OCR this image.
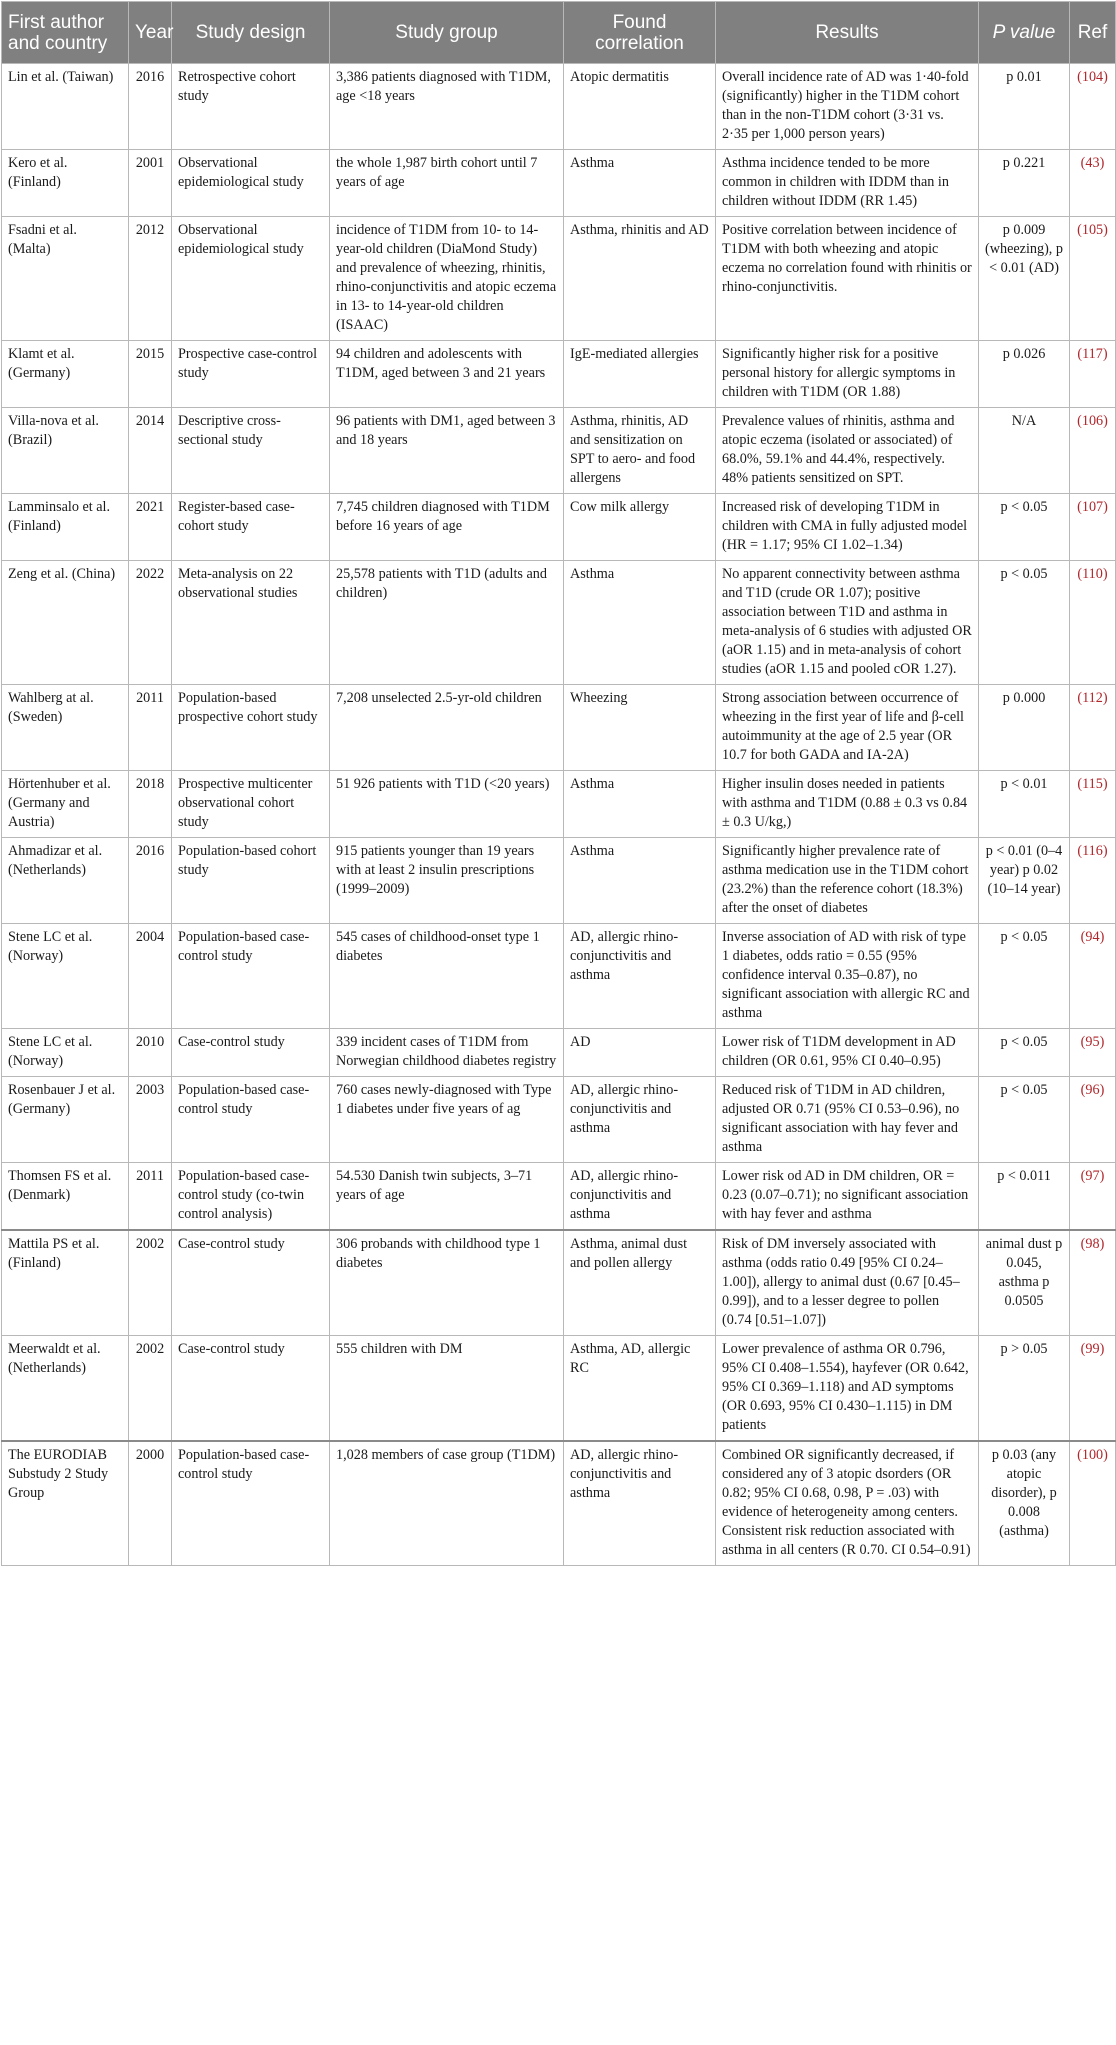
First author and country	Year	Study design	Study group	Found correlation	Results	P value	Ref
Lin et al. (Taiwan)	2016	Retrospective cohort study	3,386 patients diagnosed with T1DM, age <18 years	Atopic dermatitis	Overall incidence rate of AD was 1·40-fold (significantly) higher in the T1DM cohort than in the non-T1DM cohort (3·31 vs. 2·35 per 1,000 person years)	p 0.01	(104)
Kero et al. (Finland)	2001	Observational epidemiological study	the whole 1,987 birth cohort until 7 years of age	Asthma	Asthma incidence tended to be more common in children with IDDM than in children without IDDM (RR 1.45)	p 0.221	(43)
Fsadni et al. (Malta)	2012	Observational epidemiological study	incidence of T1DM from 10- to 14-year-old children (DiaMond Study) and prevalence of wheezing, rhinitis, rhino-conjunctivitis and atopic eczema in 13- to 14-year-old children (ISAAC)	Asthma, rhinitis and AD	Positive correlation between incidence of T1DM with both wheezing and atopic eczema no correlation found with rhinitis or rhino-conjunctivitis.	p 0.009 (wheezing), p < 0.01 (AD)	(105)
Klamt et al. (Germany)	2015	Prospective case-control study	94 children and adolescents with T1DM, aged between 3 and 21 years	IgE-mediated allergies	Significantly higher risk for a positive personal history for allergic symptoms in children with T1DM (OR 1.88)	p 0.026	(117)
Villa-nova et al. (Brazil)	2014	Descriptive cross-sectional study	96 patients with DM1, aged between 3 and 18 years	Asthma, rhinitis, AD and sensitization on SPT to aero- and food allergens	Prevalence values of rhinitis, asthma and atopic eczema (isolated or associated) of 68.0%, 59.1% and 44.4%, respectively. 48% patients sensitized on SPT.	N/A	(106)
Lamminsalo et al. (Finland)	2021	Register-based case-cohort study	7,745 children diagnosed with T1DM before 16 years of age	Cow milk allergy	Increased risk of developing T1DM in children with CMA in fully adjusted model (HR = 1.17; 95% CI 1.02–1.34)	p < 0.05	(107)
Zeng et al. (China)	2022	Meta-analysis on 22 observational studies	25,578 patients with T1D (adults and children)	Asthma	No apparent connectivity between asthma and T1D (crude OR 1.07); positive association between T1D and asthma in meta-analysis of 6 studies with adjusted OR (aOR 1.15) and in meta-analysis of cohort studies (aOR 1.15 and pooled cOR 1.27).	p < 0.05	(110)
Wahlberg at al. (Sweden)	2011	Population-based prospective cohort study	7,208 unselected 2.5-yr-old children	Wheezing	Strong association between occurrence of wheezing in the first year of life and β-cell autoimmunity at the age of 2.5 year (OR 10.7 for both GADA and IA-2A)	p 0.000	(112)
Hörtenhuber et al. (Germany and Austria)	2018	Prospective multicenter observational cohort study	51 926 patients with T1D (<20 years)	Asthma	Higher insulin doses needed in patients with asthma and T1DM (0.88 ± 0.3 vs 0.84 ± 0.3 U/kg,)	p < 0.01	(115)
Ahmadizar et al. (Netherlands)	2016	Population-based cohort study	915 patients younger than 19 years with at least 2 insulin prescriptions (1999–2009)	Asthma	Significantly higher prevalence rate of asthma medication use in the T1DM cohort (23.2%) than the reference cohort (18.3%) after the onset of diabetes	p < 0.01 (0–4 year) p 0.02 (10–14 year)	(116)
Stene LC et al. (Norway)	2004	Population-based case-control study	545 cases of childhood-onset type 1 diabetes	AD, allergic rhino-conjunctivitis and asthma	Inverse association of AD with risk of type 1 diabetes, odds ratio = 0.55 (95% confidence interval 0.35–0.87), no significant association with allergic RC and asthma	p < 0.05	(94)
Stene LC et al. (Norway)	2010	Case-control study	339 incident cases of T1DM from Norwegian childhood diabetes registry	AD	Lower risk of T1DM development in AD children (OR 0.61, 95% CI 0.40–0.95)	p < 0.05	(95)
Rosenbauer J et al. (Germany)	2003	Population-based case-control study	760 cases newly-diagnosed with Type 1 diabetes under five years of ag	AD, allergic rhino-conjunctivitis and asthma	Reduced risk of T1DM in AD children, adjusted OR 0.71 (95% CI 0.53–0.96), no significant association with hay fever and asthma	p < 0.05	(96)
Thomsen FS et al. (Denmark)	2011	Population-based case-control study (co-twin control analysis)	54.530 Danish twin subjects, 3–71 years of age	AD, allergic rhino-conjunctivitis and asthma	Lower risk od AD in DM children, OR = 0.23 (0.07–0.71); no significant association with hay fever and asthma	p < 0.011	(97)
Mattila PS et al. (Finland)	2002	Case-control study	306 probands with childhood type 1 diabetes	Asthma, animal dust and pollen allergy	Risk of DM inversely associated with asthma (odds ratio 0.49 [95% CI 0.24–1.00]), allergy to animal dust (0.67 [0.45–0.99]), and to a lesser degree to pollen (0.74 [0.51–1.07])	animal dust p 0.045, asthma p 0.0505	(98)
Meerwaldt et al. (Netherlands)	2002	Case-control study	555 children with DM	Asthma, AD, allergic RC	Lower prevalence of asthma OR 0.796, 95% CI 0.408–1.554), hayfever (OR 0.642, 95% CI 0.369–1.118) and AD symptoms (OR 0.693, 95% CI 0.430–1.115) in DM patients	p > 0.05	(99)
The EURODIAB Substudy 2 Study Group	2000	Population-based case-control study	1,028 members of case group (T1DM)	AD, allergic rhino-conjunctivitis and asthma	Combined OR significantly decreased, if considered any of 3 atopic dsorders (OR 0.82; 95% CI 0.68, 0.98, P = .03) with evidence of heterogeneity among centers. Consistent risk reduction associated with asthma in all centers (R 0.70. CI 0.54–0.91)	p 0.03 (any atopic disorder), p 0.008 (asthma)	(100)
